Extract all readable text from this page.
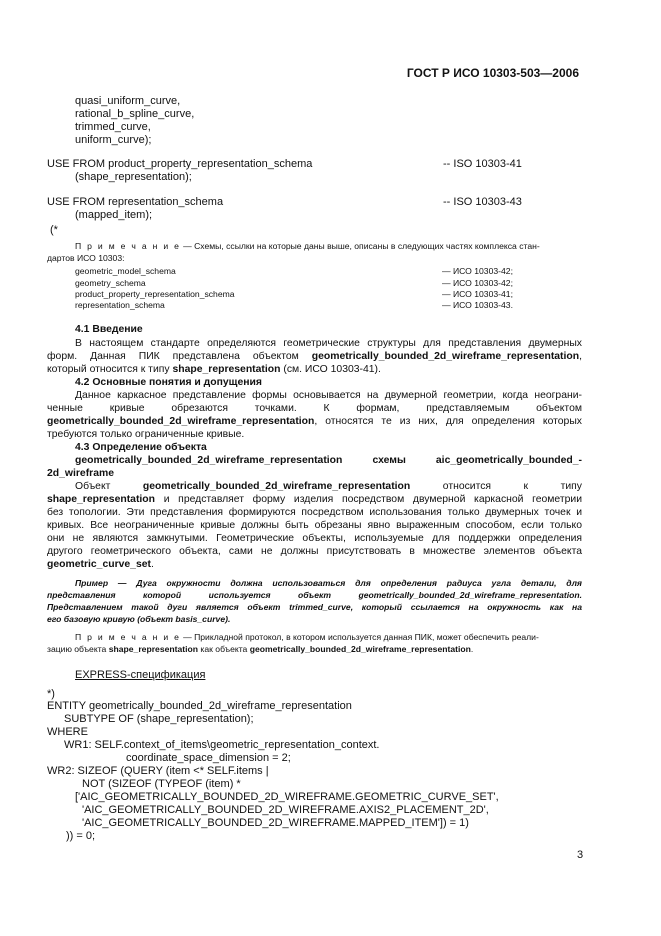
ГОСТ Р ИСО 10303-503—2006
quasi_uniform_curve,
rational_b_spline_curve,
trimmed_curve,
uniform_curve);
USE FROM product_property_representation_schema	-- ISO 10303-41
(shape_representation);
USE FROM representation_schema	-- ISO 10303-43
(mapped_item);
(*
П р и м е ч а н и е — Схемы, ссылки на которые даны выше, описаны в следующих частях комплекса стан-
дартов ИСО 10303:
geometric_model_schema	— ИСО 10303-42;
geometry_schema	— ИСО 10303-42;
product_property_representation_schema	— ИСО 10303-41;
representation_schema	— ИСО 10303-43.
4.1 Введение
В настоящем стандарте определяются геометрические структуры для представления двумерных
форм. Данная ПИК представлена объектом geometrically_bounded_2d_wireframe_representation,
который относится к типу shape_representation (см. ИСО 10303-41).
4.2 Основные понятия и допущения
Данное каркасное представление формы основывается на двумерной геометрии, когда неограни-
ченные кривые обрезаются точками. К формам, представляемым объектом
geometrically_bounded_2d_wireframe_representation, относятся те из них, для определения которых
требуются только ограниченные кривые.
4.3 Определение объекта
geometrically_bounded_2d_wireframe_representation схемы aic_geometrically_bounded_-
2d_wireframe
Объект geometrically_bounded_2d_wireframe_representation относится к типу
shape_representation и представляет форму изделия посредством двумерной каркасной геометрии
без топологии. Эти представления формируются посредством использования только двумерных точек и
кривых. Все неограниченные кривые должны быть обрезаны явно выраженным способом, если только
они не являются замкнутыми. Геометрические объекты, используемые для поддержки определения
другого геометрического объекта, сами не должны присутствовать в множестве элементов объекта
geometric_curve_set.
Пример — Дуга окружности должна использоваться для определения радиуса угла детали, для
представления которой используется объект geometrically_bounded_2d_wireframe_representation.
Представлением такой дуги является объект trimmed_curve, который ссылается на окружность как на
его базовую кривую (объект basis_curve).
П р и м е ч а н и е — Прикладной протокол, в котором используется данная ПИК, может обеспечить реали-
зацию объекта shape_representation как объекта geometrically_bounded_2d_wireframe_representation.
EXPRESS-спецификация
*)
ENTITY geometrically_bounded_2d_wireframe_representation
SUBTYPE OF (shape_representation);
WHERE
WR1: SELF.context_of_items\geometric_representation_context.
coordinate_space_dimension = 2;
WR2: SIZEOF (QUERY (item <* SELF.items |
NOT (SIZEOF (TYPEOF (item) *
['AIC_GEOMETRICALLY_BOUNDED_2D_WIREFRAME.GEOMETRIC_CURVE_SET',
'AIC_GEOMETRICALLY_BOUNDED_2D_WIREFRAME.AXIS2_PLACEMENT_2D',
'AIC_GEOMETRICALLY_BOUNDED_2D_WIREFRAME.MAPPED_ITEM']) = 1)
)) = 0;
3
